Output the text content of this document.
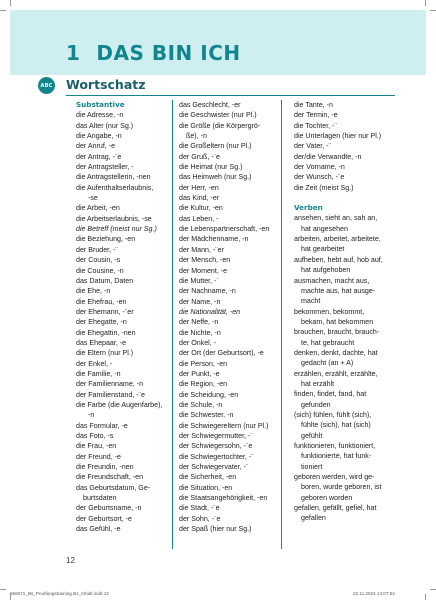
1 DAS BIN ICH
ABC Wortschatz
Substantive
die Adresse, -n
das Alter (nur Sg.)
die Angabe, -n
der Anruf, -e
der Antrag, -¨e
der Antragsteller, -
die Antragstellerin, -nen
die Aufenthaltserlaubnis,
-se
die Arbeit, -en
die Arbeitserlaubnis, -se
die Betreff (meist nur Sg.)
die Beziehung, -en
der Bruder, -¨
der Cousin, -s
die Cousine, -n
das Datum, Daten
die Ehe, -n
die Ehefrau, -en
der Ehemann, -¨er
der Ehegatte, -n
die Ehegattin, -nen
das Ehepaar, -e
die Eltern (nur Pl.)
der Enkel, -
die Familie, -n
der Familienname, -n
der Familienstand, -¨e
die Farbe (die Augenfarbe),
-n
das Formular, -e
das Foto, -s
die Frau, -en
der Freund, -e
die Freundin, -nen
die Freundschaft, -en
das Geburtsdatum, Ge-
burtsdaten
der Geburtsname, -n
der Geburtsort, -e
das Gefühl, -e
das Geschlecht, -er
die Geschwister (nur Pl.)
die Größe (die Körpergrö-
ße), -n
die Großeltern (nur Pl.)
der Gruß, -¨e
die Heimat (nur Sg.)
das Heimweh (nur Sg.)
der Herr, -en
das Kind, -er
die Kultur, -en
das Leben, -
die Lebenspartnerschaft, -en
der Mädchenname, -n
der Mann, -¨er
der Mensch, -en
der Moment, -e
die Mutter, -¨
der Nachname, -n
der Name, -n
die Nationalität, -en
der Neffe, -n
die Nichte, -n
der Onkel, -
der Ort (der Geburtsort), -e
die Person, -en
der Punkt, -e
die Region, -en
die Scheidung, -en
die Schule, -n
die Schwester, -n
die Schwiegereltern (nur Pl.)
der Schwiegermutter, -¨
der Schwiegersohn, -¨e
die Schwiegertochter, -¨
der Schwiegervater, -¨
die Sicherheit, -en
die Situation, -en
die Staatsangehörigkeit, -en
die Stadt, -¨e
der Sohn, -¨e
der Spaß (hier nur Sg.)
die Tante, -n
der Termin, -e
die Tochter, -¨
die Unterlagen (hier nur Pl.)
der Vater, -¨
der/die Verwandte, -n
der Vorname, -n
der Wunsch, -¨e
die Zeit (meist Sg.)
Verben
ansehen, sieht an, sah an,
hat angesehen
arbeiten, arbeitet, arbeitete,
hat gearbeitet
aufheben, hebt auf, hob auf,
hat aufgehoben
ausmachen, macht aus,
machte aus, hat ausge-
macht
bekommen, bekommt,
bekam, hat bekommen
brauchen, braucht, brauch-
te, hat gebraucht
denken, denkt, dachte, hat
gedacht (an + A)
erzählen, erzählt, erzählte,
hat erzählt
finden, findet, fand, hat
gefunden
(sich) fühlen, fühlt (sich),
fühlte (sich), hat (sich)
gefühlt
funktionieren, funktioniert,
funktionierte, hat funk-
tioniert
geboren werden, wird ge-
boren, wurde geboren, ist
geboren worden
gefallen, gefällt, gefiel, hat
gefallen
12
566071_Bs_Pruefungstraining B1_Inhalt.indd 12	22.11.2024 14:07:54
